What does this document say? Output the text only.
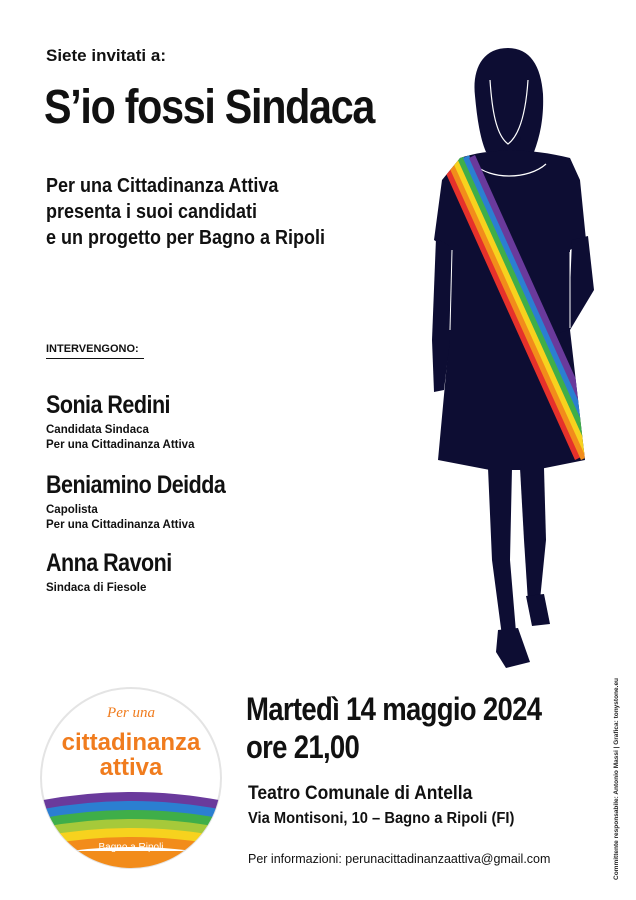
Siete invitati a:
S’io fossi Sindaca
Per una Cittadinanza Attiva
presenta i suoi candidati
e un progetto per Bagno a Ripoli
INTERVENGONO:
Sonia Redini
Candidata Sindaca
Per una Cittadinanza Attiva
Beniamino Deidda
Capolista
Per una Cittadinanza Attiva
Anna Ravoni
Sindaca di Fiesole
Per una
cittadinanza
attiva
Bagno a Ripoli
Martedì 14 maggio 2024
ore 21,00
Teatro Comunale di Antella
Via Montisoni, 10 – Bagno a Ripoli (FI)
Per informazioni: perunacittadinanzaattiva@gmail.com	Committente responsabile: Antonio Massi | Grafica: tonystone.eu
